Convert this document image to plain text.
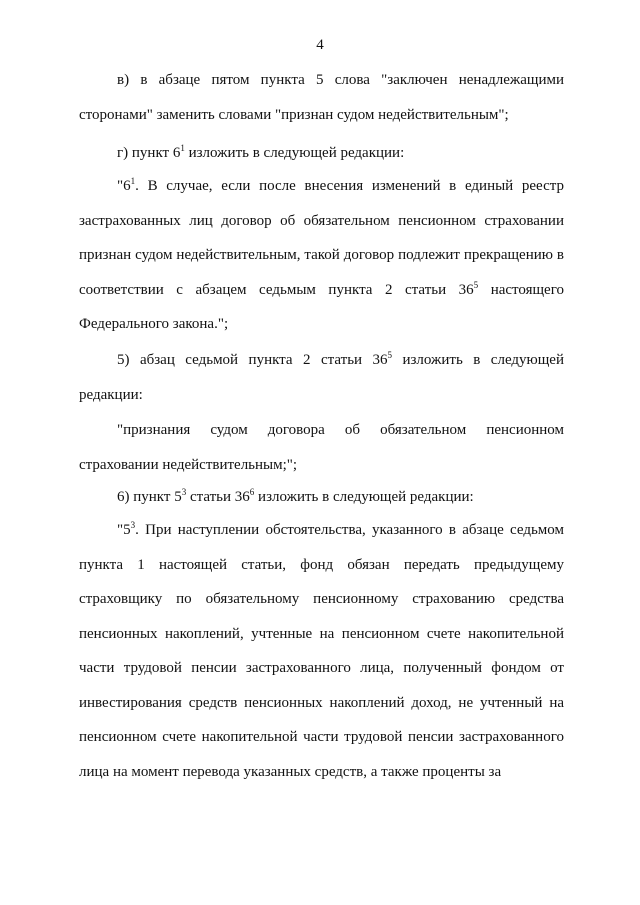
4

в) в абзаце пятом пункта 5 слова "заключен ненадлежащими сторонами" заменить словами "признан судом недействительным";

г) пункт $6^1$ изложить в следующей редакции:

"$6^1$. В случае, если после внесения изменений в единый реестр застрахованных лиц договор об обязательном пенсионном страховании признан судом недействительным, такой договор подлежит прекращению в соответствии с абзацем седьмым пункта 2 статьи $36^5$ настоящего Федерального закона.";

5) абзац седьмой пункта 2 статьи $36^5$ изложить в следующей редакции:

"признания судом договора об обязательном пенсионном страховании недействительным;";

6) пункт $5^3$ статьи $36^6$ изложить в следующей редакции:

"$5^3$. При наступлении обстоятельства, указанного в абзаце седьмом пункта 1 настоящей статьи, фонд обязан передать предыдущему страховщику по обязательному пенсионному страхованию средства пенсионных накоплений, учтенные на пенсионном счете накопительной части трудовой пенсии застрахованного лица, полученный фондом от инвестирования средств пенсионных накоплений доход, не учтенный на пенсионном счете накопительной части трудовой пенсии застрахованного лица на момент перевода указанных средств, а также проценты за
